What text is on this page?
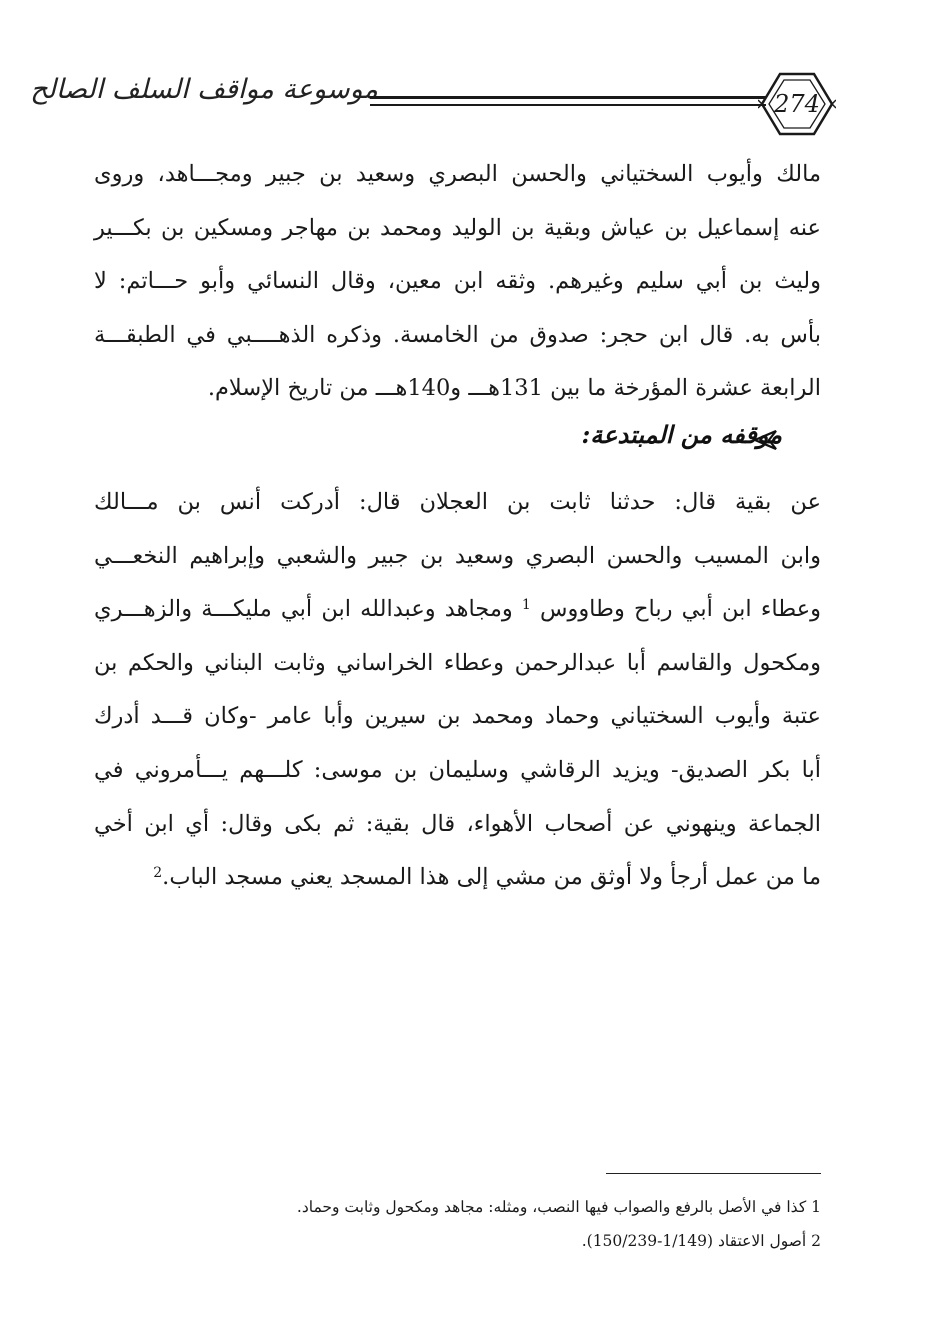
موسوعة مواقف السلف الصالح	274

مالك وأيوب السختياني والحسن البصري وسعيد بن جبير ومجـــاهد، وروى

عنه إسماعيل بن عياش وبقية بن الوليد ومحمد بن مهاجر ومسكين بن بكـــير

وليث بن أبي سليم وغيرهم. وثقه ابن معين، وقال النسائي وأبو حـــاتم: لا

بأس به. قال ابن حجر: صدوق من الخامسة. وذكره الذهــــبي في الطبقـــة

الرابعة عشرة المؤرخة ما بين 131هـــ و140هـــ من تاريخ الإسلام.

موقفه من المبتدعة:

عن بقية قال: حدثنا ثابت بن العجلان قال: أدركت أنس بن مـــالك

وابن المسيب والحسن البصري وسعيد بن جبير والشعبي وإبراهيم النخعـــي

وعطاء ابن أبي رباح وطاووس $^1$ ومجاهد وعبدالله ابن أبي مليكـــة والزهـــري

ومكحول والقاسم أبا عبدالرحمن وعطاء الخراساني وثابت البناني والحكم بن

عتبة وأيوب السختياني وحماد ومحمد بن سيرين وأبا عامر -وكان قـــد أدرك

أبا بكر الصديق- ويزيد الرقاشي وسليمان بن موسى: كلـــهم يـــأمروني في

الجماعة وينهوني عن أصحاب الأهواء، قال بقية: ثم بكى وقال: أي ابن أخي

ما من عمل أرجأ ولا أوثق من مشي إلى هذا المسجد يعني مسجد الباب.$^2$

1 كذا في الأصل بالرفع والصواب فيها النصب، ومثله: مجاهد ومكحول وثابت وحماد.

2 أصول الاعتقاد (1/149-150/239).
